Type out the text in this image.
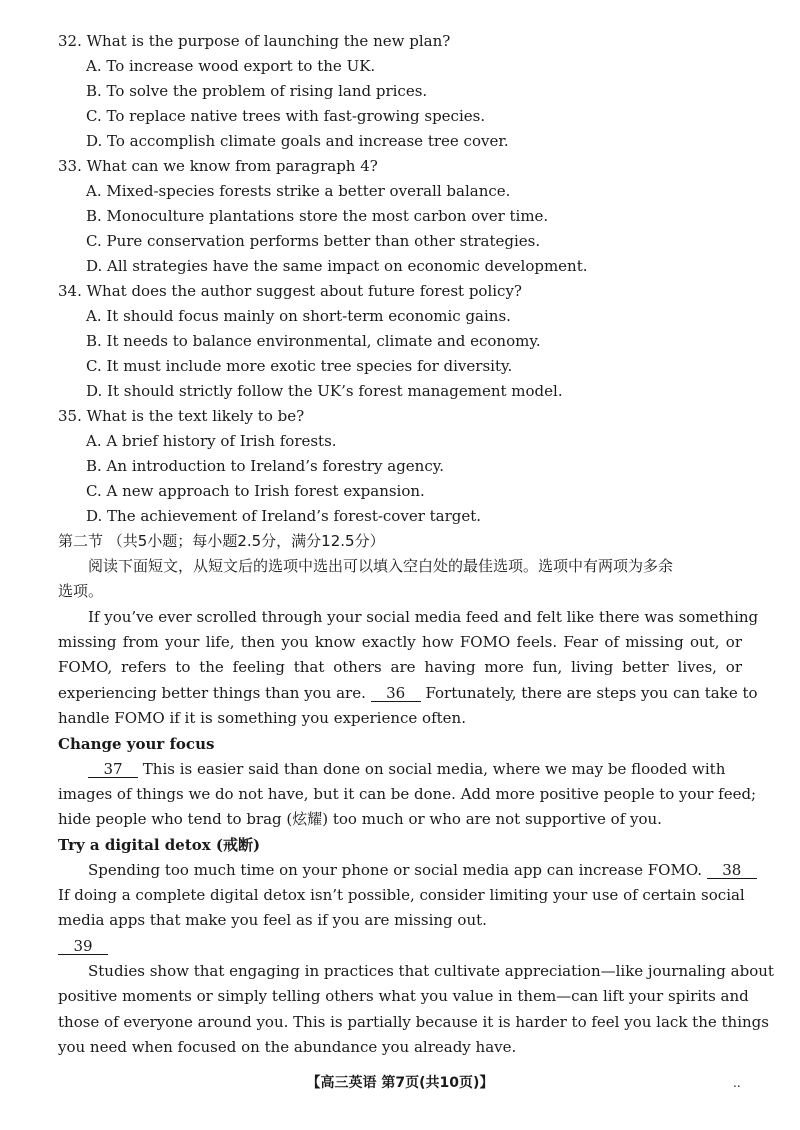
32. What is the purpose of launching the new plan?
A. To increase wood export to the UK.
B. To solve the problem of rising land prices.
C. To replace native trees with fast-growing species.
D. To accomplish climate goals and increase tree cover.
33. What can we know from paragraph 4?
A. Mixed-species forests strike a better overall balance.
B. Monoculture plantations store the most carbon over time.
C. Pure conservation performs better than other strategies.
D. All strategies have the same impact on economic development.
34. What does the author suggest about future forest policy?
A. It should focus mainly on short-term economic gains.
B. It needs to balance environmental, climate and economy.
C. It must include more exotic tree species for diversity.
D. It should strictly follow the UK’s forest management model.
35. What is the text likely to be?
A. A brief history of Irish forests.
B. An introduction to Ireland’s forestry agency.
C. A new approach to Irish forest expansion.
D. The achievement of Ireland’s forest-cover target.
第二节 （共5小题；每小题2.5分，满分12.5分）
阅读下面短文，从短文后的选项中选出可以填入空白处的最佳选项。选项中有两项为多余
选项。
If you’ve ever scrolled through your social media feed and felt like there was something
missing from your life, then you know exactly how FOMO feels. Fear of missing out, or
FOMO, refers to the feeling that others are having more fun, living better lives, or
experiencing better things than you are. 36 Fortunately, there are steps you can take to
handle FOMO if it is something you experience often.
Change your focus
37 This is easier said than done on social media, where we may be flooded with
images of things we do not have, but it can be done. Add more positive people to your feed;
hide people who tend to brag (炫耀) too much or who are not supportive of you.
Try a digital detox (戒断)
Spending too much time on your phone or social media app can increase FOMO. 38
If doing a complete digital detox isn’t possible, consider limiting your use of certain social
media apps that make you feel as if you are missing out.
39
Studies show that engaging in practices that cultivate appreciation—like journaling about
positive moments or simply telling others what you value in them—can lift your spirits and
those of everyone around you. This is partially because it is harder to feel you lack the things
you need when focused on the abundance you already have.
【高三英语 第7页(共10页)】	..
